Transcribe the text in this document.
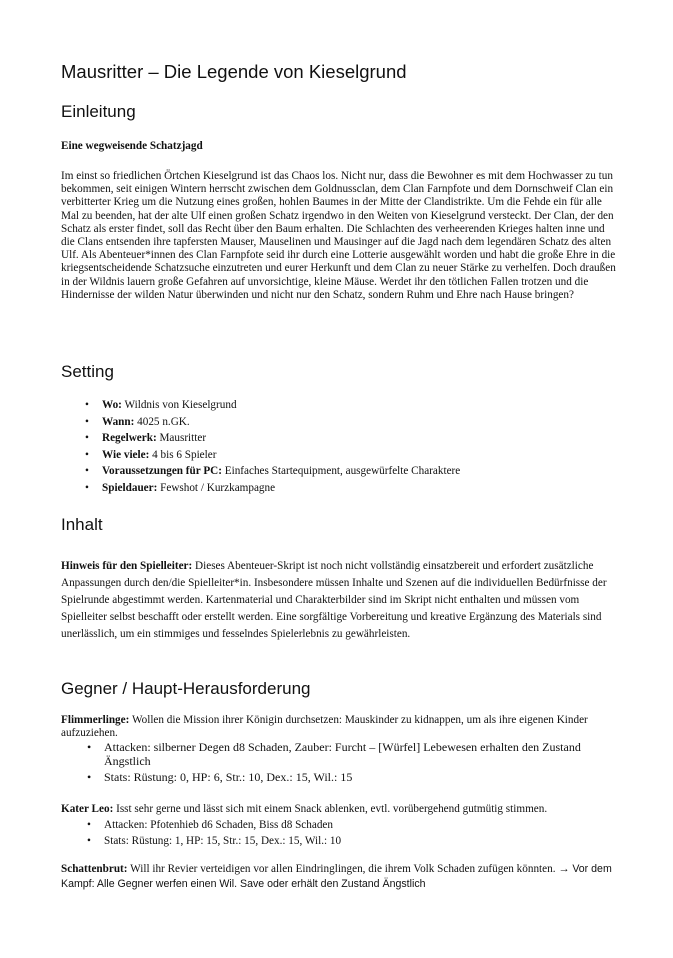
Mausritter – Die Legende von Kieselgrund
Einleitung
Eine wegweisende Schatzjagd

Im einst so friedlichen Örtchen Kieselgrund ist das Chaos los. Nicht nur, dass die Bewohner es mit dem Hochwasser zu tun bekommen, seit einigen Wintern herrscht zwischen dem Goldnussclan, dem Clan Farnpfote und dem Dornschweif Clan ein verbitterter Krieg um die Nutzung eines großen, hohlen Baumes in der Mitte der Clandistrikte. Um die Fehde ein für alle Mal zu beenden, hat der alte Ulf einen großen Schatz irgendwo in den Weiten von Kieselgrund versteckt. Der Clan, der den Schatz als erster findet, soll das Recht über den Baum erhalten. Die Schlachten des verheerenden Krieges halten inne und die Clans entsenden ihre tapfersten Mauser, Mauselinen und Mausinger auf die Jagd nach dem legendären Schatz des alten Ulf. Als Abenteuer*innen des Clan Farnpfote seid ihr durch eine Lotterie ausgewählt worden und habt die große Ehre in die kriegsentscheidende Schatzsuche einzutreten und eurer Herkunft und dem Clan zu neuer Stärke zu verhelfen. Doch draußen in der Wildnis lauern große Gefahren auf unvorsichtige, kleine Mäuse. Werdet ihr den tötlichen Fallen trotzen und die Hindernisse der wilden Natur überwinden und nicht nur den Schatz, sondern Ruhm und Ehre nach Hause bringen?

Setting
• Wo: Wildnis von Kieselgrund
• Wann: 4025 n.GK.
• Regelwerk: Mausritter
• Wie viele: 4 bis 6 Spieler
• Voraussetzungen für PC: Einfaches Startequipment, ausgewürfelte Charaktere
• Spieldauer: Fewshot / Kurzkampagne
Inhalt

Hinweis für den Spielleiter: Dieses Abenteuer-Skript ist noch nicht vollständig einsatzbereit und erfordert zusätzliche Anpassungen durch den/die Spielleiter*in. Insbesondere müssen Inhalte und Szenen auf die individuellen Bedürfnisse der Spielrunde abgestimmt werden. Kartenmaterial und Charakterbilder sind im Skript nicht enthalten und müssen vom Spielleiter selbst beschafft oder erstellt werden. Eine sorgfältige Vorbereitung und kreative Ergänzung des Materials sind unerlässlich, um ein stimmiges und fesselndes Spielerlebnis zu gewährleisten.

Gegner / Haupt-Herausforderung

Flimmerlinge: Wollen die Mission ihrer Königin durchsetzen: Mauskinder zu kidnappen, um als ihre eigenen Kinder aufzuziehen.

• Attacken: silberner Degen d8 Schaden, Zauber: Furcht – [Würfel] Lebewesen erhalten den Zustand Ängstlich
• Stats: Rüstung: 0, HP: 6, Str.: 10, Dex.: 15, Wil.: 15

Kater Leo: Isst sehr gerne und lässt sich mit einem Snack ablenken, evtl. vorübergehend gutmütig stimmen.

• Attacken: Pfotenhieb d6 Schaden, Biss d8 Schaden
• Stats: Rüstung: 1, HP: 15, Str.: 15, Dex.: 15, Wil.: 10

Schattenbrut: Will ihr Revier verteidigen vor allen Eindringlingen, die ihrem Volk Schaden zufügen könnten. → Vor dem Kampf: Alle Gegner werfen einen Wil. Save oder erhält den Zustand Ängstlich
